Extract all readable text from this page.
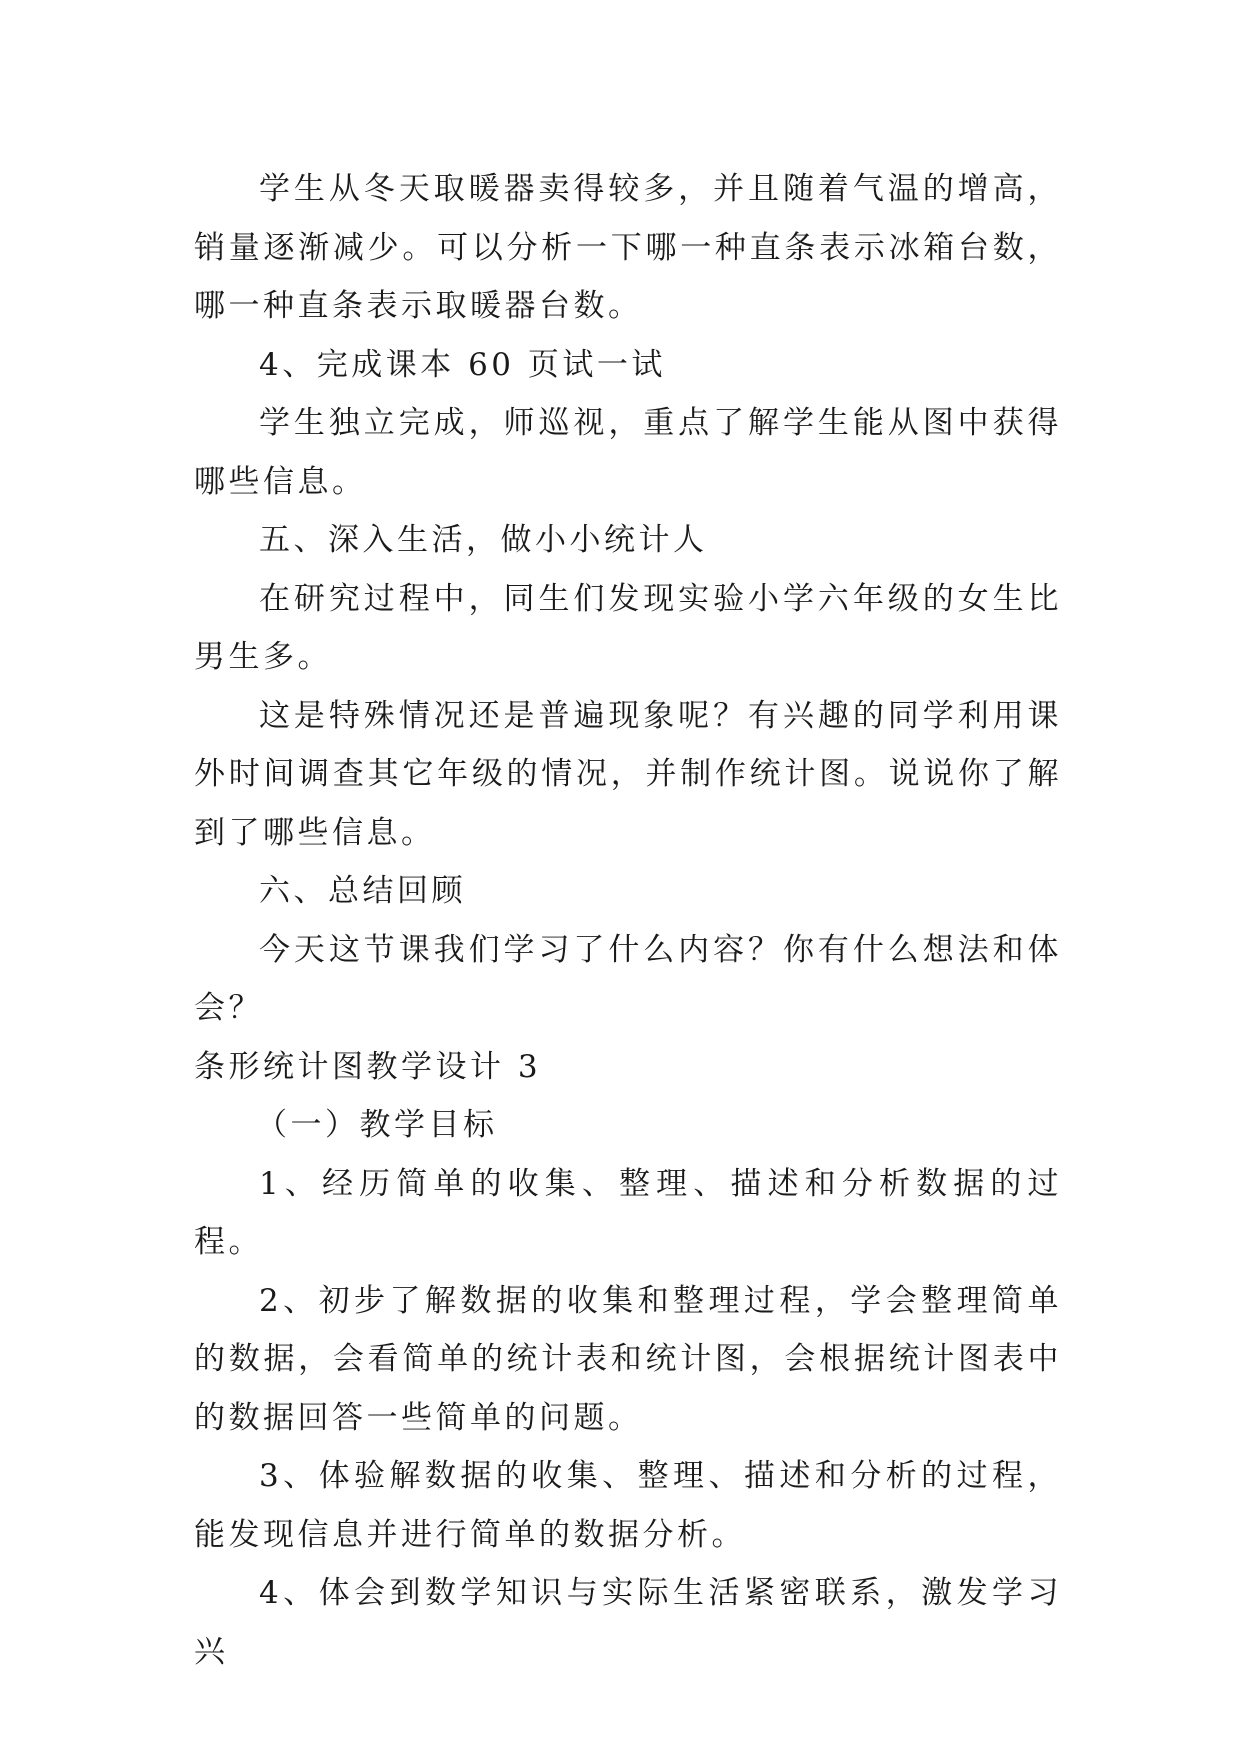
学生从冬天取暖器卖得较多，并且随着气温的增高，销量逐渐减少。可以分析一下哪一种直条表示冰箱台数，哪一种直条表示取暖器台数。

4、完成课本 60 页试一试

学生独立完成，师巡视，重点了解学生能从图中获得哪些信息。

五、深入生活，做小小统计人

在研究过程中，同生们发现实验小学六年级的女生比男生多。

这是特殊情况还是普遍现象呢？有兴趣的同学利用课外时间调查其它年级的情况，并制作统计图。说说你了解到了哪些信息。

六、总结回顾

今天这节课我们学习了什么内容？你有什么想法和体会？

条形统计图教学设计 3

（一）教学目标

1、经历简单的收集、整理、描述和分析数据的过程。

2、初步了解数据的收集和整理过程，学会整理简单的数据，会看简单的统计表和统计图，会根据统计图表中的数据回答一些简单的问题。

3、体验解数据的收集、整理、描述和分析的过程，能发现信息并进行简单的数据分析。

4、体会到数学知识与实际生活紧密联系，激发学习兴
